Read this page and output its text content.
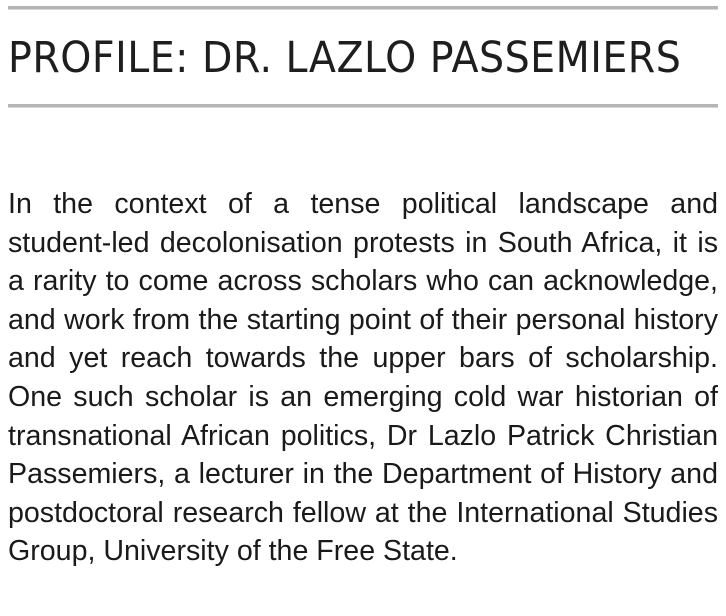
PROFILE: DR. LAZLO PASSEMIERS

In the context of a tense political landscape and student-led decolonisation protests in South Africa, it is a rarity to come across scholars who can acknowledge, and work from the starting point of their personal history and yet reach towards the upper bars of scholarship. One such scholar is an emerging cold war historian of transnational African politics, Dr Lazlo Patrick Christian Passemiers, a lecturer in the Department of History and postdoctoral research fellow at the International Studies Group, University of the Free State.
